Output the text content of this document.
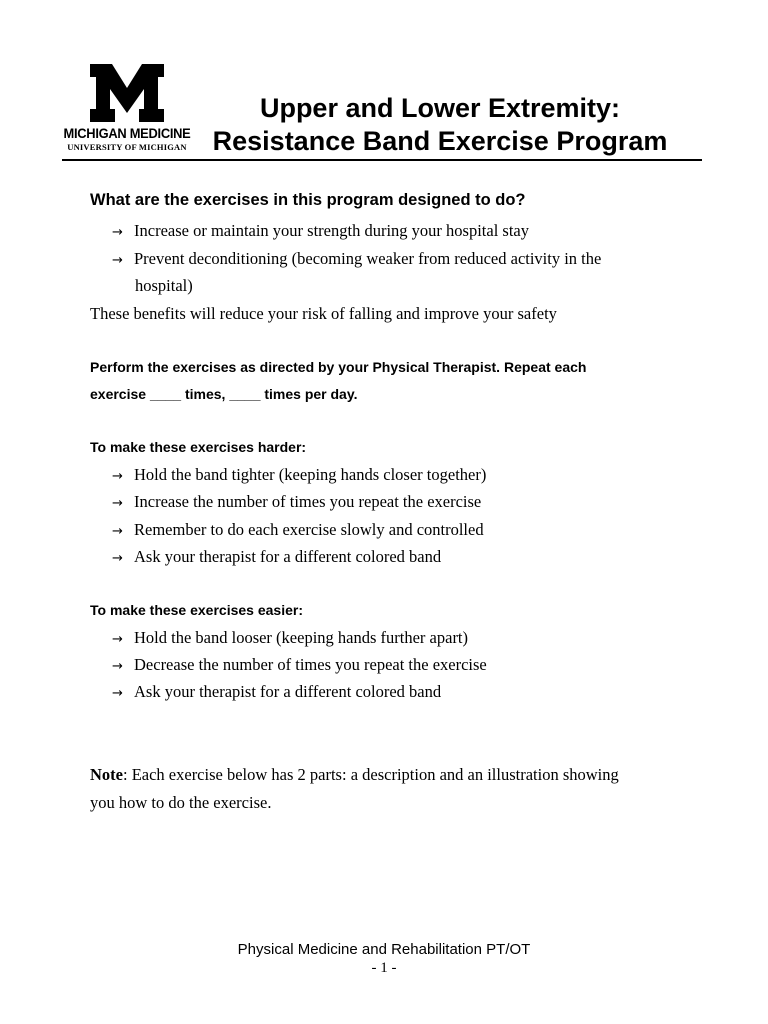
MICHIGAN MEDICINE
UNIVERSITY OF MICHIGAN
Upper and Lower Extremity:
Resistance Band Exercise Program
What are the exercises in this program designed to do?
→ Increase or maintain your strength during your hospital stay
→ Prevent deconditioning (becoming weaker from reduced activity in the
hospital)
These benefits will reduce your risk of falling and improve your safety
Perform the exercises as directed by your Physical Therapist. Repeat each
exercise ____ times, ____ times per day.
To make these exercises harder:
→ Hold the band tighter (keeping hands closer together)
→ Increase the number of times you repeat the exercise
→ Remember to do each exercise slowly and controlled
→ Ask your therapist for a different colored band
To make these exercises easier:
→ Hold the band looser (keeping hands further apart)
→ Decrease the number of times you repeat the exercise
→ Ask your therapist for a different colored band
Note: Each exercise below has 2 parts: a description and an illustration showing
you how to do the exercise.
Physical Medicine and Rehabilitation PT/OT
- 1 -
